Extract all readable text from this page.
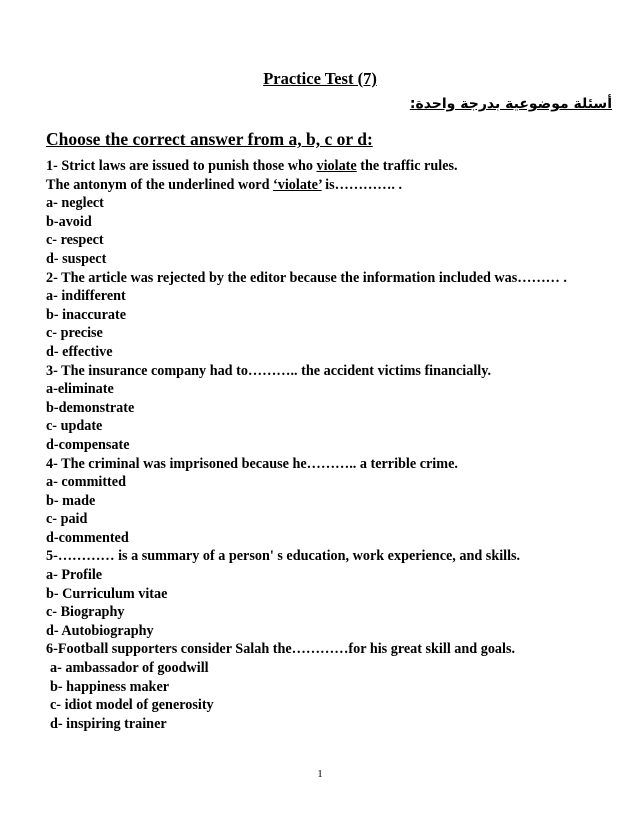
Practice Test (7)
أسئلة موضوعية بدرجة واحدة:
Choose the correct answer from a, b, c or d:
1- Strict laws are issued to punish those who violate the traffic rules.
The antonym of the underlined word ‘violate’ is…………. .
a- neglect
b-avoid
c- respect
d- suspect
2- The article was rejected by the editor because the information included was……… .
a- indifferent
b- inaccurate
c- precise
d- effective
3- The insurance company had to……….. the accident victims financially.
a-eliminate
b-demonstrate
c- update
d-compensate
4- The criminal was imprisoned because he……….. a terrible crime.
a- committed
b- made
c- paid
d-commented
5-………… is a summary of a person' s education, work experience, and skills.
a- Profile
b- Curriculum vitae
c- Biography
d- Autobiography
6-Football supporters consider Salah the…………for his great skill and goals.
a- ambassador of goodwill
b- happiness maker
c- idiot model of generosity
d- inspiring trainer
1
